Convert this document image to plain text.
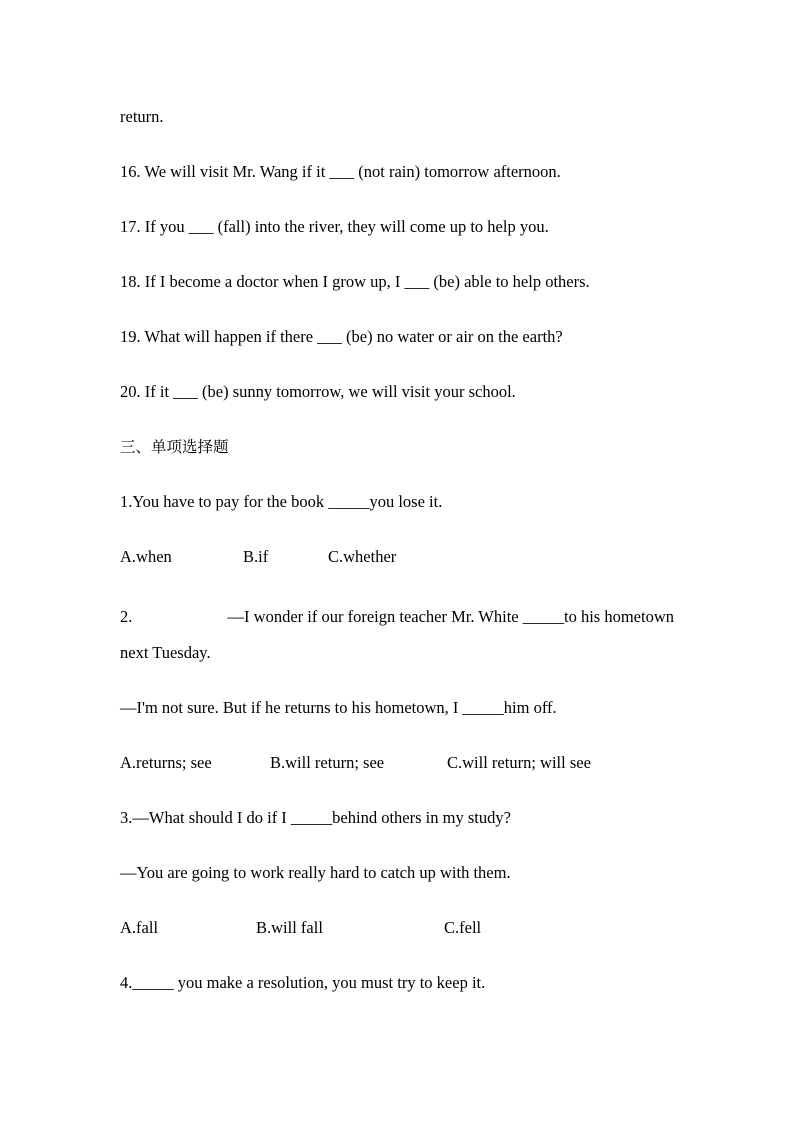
return.
16. We will visit Mr. Wang if it ___ (not rain) tomorrow afternoon.
17. If you ___ (fall) into the river, they will come up to help you.
18. If I become a doctor when I grow up, I ___ (be) able to help others.
19. What will happen if there ___ (be) no water or air on the earth?
20. If it ___ (be) sunny tomorrow, we will visit your school.
三、单项选择题
1.You have to pay for the book _____you lose it.
A.when	B.if	C.whether
2.	—I wonder if our foreign teacher Mr. White _____to his hometown
next Tuesday.
—I'm not sure. But if he returns to his hometown, I _____him off.
A.returns; see	B.will return; see	C.will return; will see
3.—What should I do if I _____behind others in my study?
—You are going to work really hard to catch up with them.
A.fall	B.will fall	C.fell
4._____ you make a resolution, you must try to keep it.
